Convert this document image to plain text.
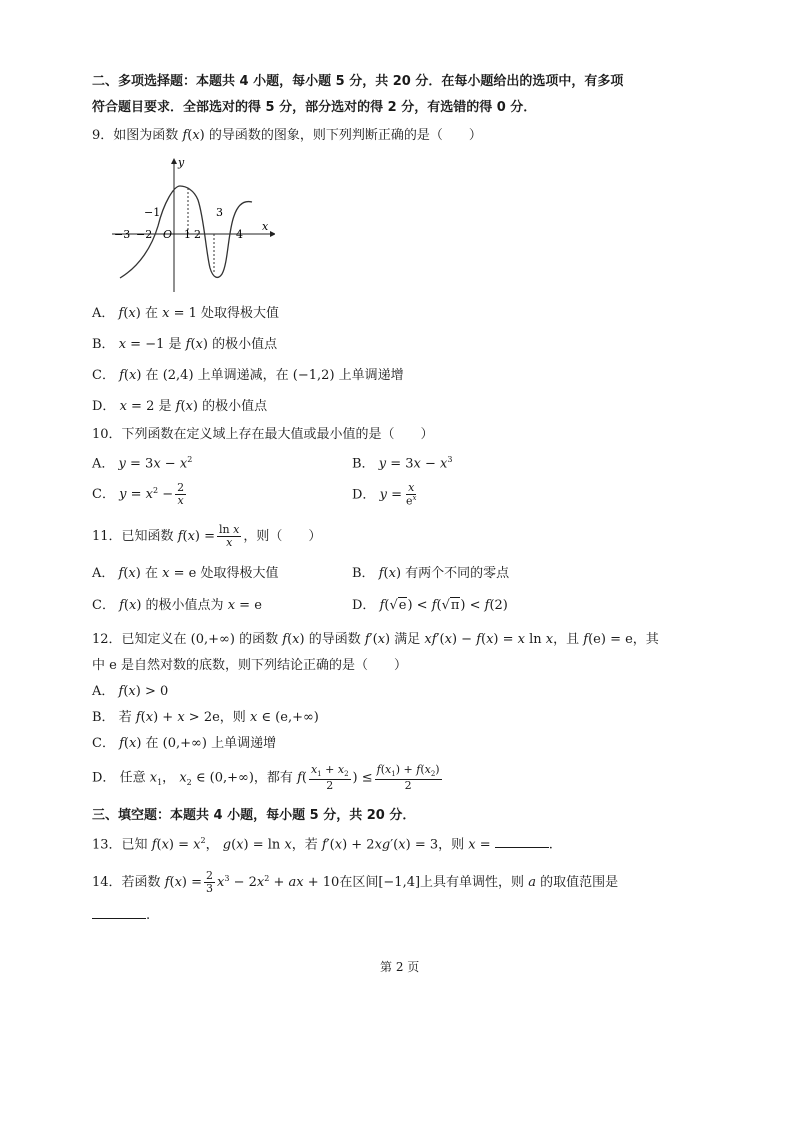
二、多项选择题：本题共 4 小题，每小题 5 分，共 20 分．在每小题给出的选项中，有多项
符合题目要求．全部选对的得 5 分，部分选对的得 2 分，有选错的得 0 分．
9．如图为函数 f(x) 的导函数的图象，则下列判断正确的是（　　）
y
x
O
−3 −2
−1
1 2
3
4
A． f(x) 在 x = 1 处取得极大值
B． x = −1 是 f(x) 的极小值点
C． f(x) 在 (2,4) 上单调递减，在 (−1,2) 上单调递增
D． x = 2 是 f(x) 的极小值点
10．下列函数在定义域上存在最大值或最小值的是（　　）
A． $y = 3x - x^2$	B． $y = 3x - x^3$
C． $y = x^2 - \frac{2}{x}$	D． $y = \frac{x}{e^x}$
11．已知函数 $f(x) = \frac{\text{ln x}}{x}$ ，则（　　）
A． f(x) 在 x = e 处取得极大值	B． f(x) 有两个不同的零点
C． f(x) 的极小值点为 x = e	D． f(√e) < f(√π) < f(2)
12．已知定义在 (0,+∞) 的函数 f(x) 的导函数 f′(x) 满足 xf′(x) − f(x) = x ln x，且 f(e) = e，其
中 e 是自然对数的底数，则下列结论正确的是（　　）
A． f(x) > 0
B． 若 f(x) + x > 2e，则 x ∈ (e,+∞)
C． f(x) 在 (0,+∞) 上单调递增
D． 任意 $x_1$， $x_2$ ∈ (0,+∞)，都有 $f( \frac{x_1 + x_2}{2}$ ) ≤ $\frac{f(x_1) + f(x_2)}{2}$
三、填空题：本题共 4 小题，每小题 5 分，共 20 分．
13．已知 $f(x) = x^2$， g(x) = ln x，若 f′(x) + 2xg′(x) = 3，则 x =	.
14．若函数 $f(x) = \frac{2}{3} x^3 - 2x^2$ + ax + 10在区间[−1,4]上具有单调性，则 a 的取值范围是
.
第 2 页
